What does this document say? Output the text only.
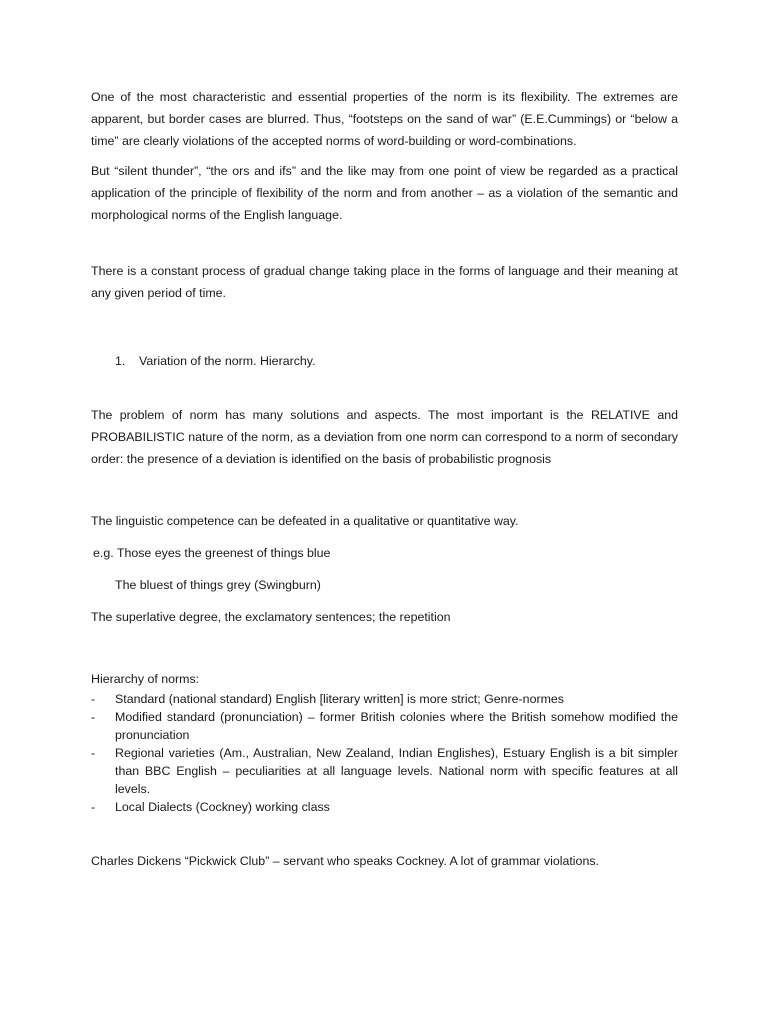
One of the most characteristic and essential properties of the norm is its flexibility. The extremes are apparent, but border cases are blurred. Thus, “footsteps on the sand of war” (E.E.Cummings) or “below a time” are clearly violations of the accepted norms of word-building or word-combinations.

But “silent thunder”, “the ors and ifs” and the like may from one point of view be regarded as a practical application of the principle of flexibility of the norm and from another – as a violation of the semantic and morphological norms of the English language.

There is a constant process of gradual change taking place in the forms of language and their meaning at any given period of time.

1.	Variation of the norm. Hierarchy.

The problem of norm has many solutions and aspects. The most important is the RELATIVE and PROBABILISTIC nature of the norm, as a deviation from one norm can correspond to a norm of secondary order: the presence of a deviation is identified on the basis of probabilistic prognosis

The linguistic competence can be defeated in a qualitative or quantitative way.

e.g. Those eyes the greenest of things blue

The bluest of things grey (Swingburn)

The superlative degree, the exclamatory sentences; the repetition

Hierarchy of norms:

-	Standard (national standard) English [literary written] is more strict; Genre-normes
-	Modified standard (pronunciation) – former British colonies where the British somehow modified the pronunciation
-	Regional varieties (Am., Australian, New Zealand, Indian Englishes), Estuary English is a bit simpler than BBC English – peculiarities at all language levels. National norm with specific features at all levels.
-	Local Dialects (Cockney) working class

Charles Dickens “Pickwick Club” – servant who speaks Cockney. A lot of grammar violations.
